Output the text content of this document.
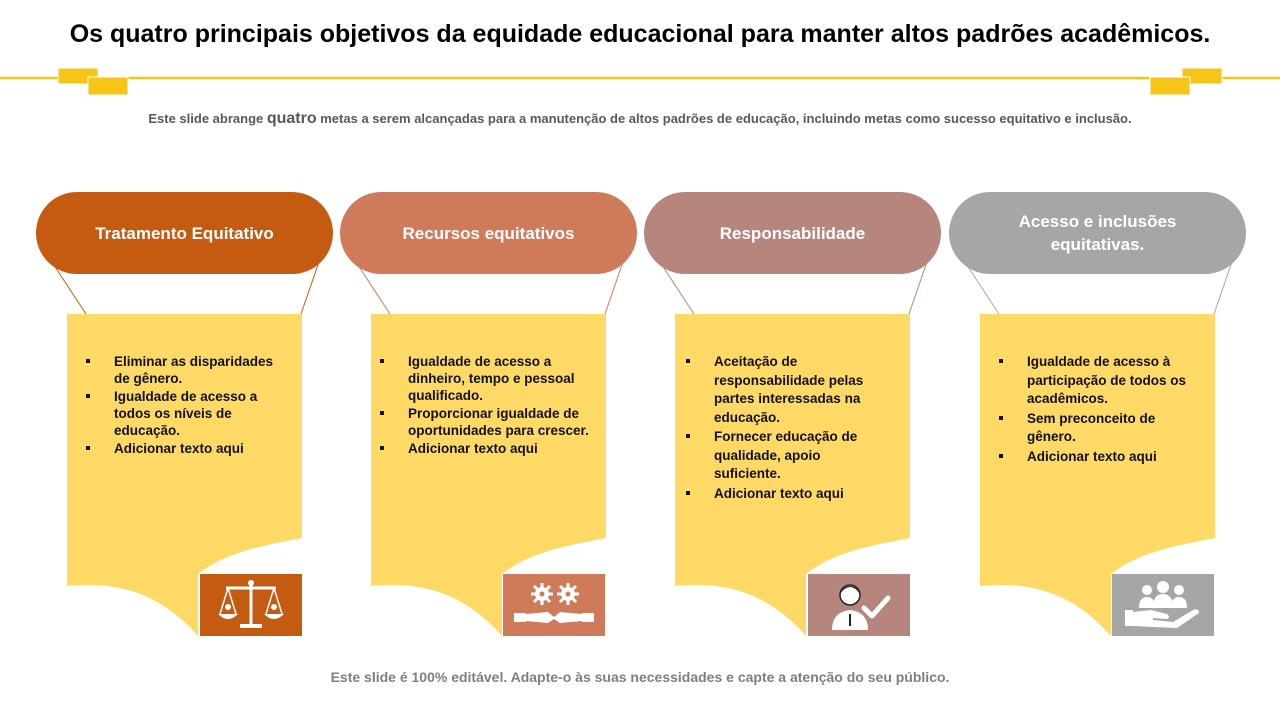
Os quatro principais objetivos da equidade educacional para manter altos padrões acadêmicos.
Este slide abrange quatro metas a serem alcançadas para a manutenção de altos padrões de educação, incluindo metas como sucesso equitativo e inclusão.
Tratamento Equitativo
Eliminar as disparidades de gênero.
Igualdade de acesso a todos os níveis de educação.
Adicionar texto aqui
Recursos equitativos
Igualdade de acesso a dinheiro, tempo e pessoal qualificado.
Proporcionar igualdade de oportunidades para crescer.
Adicionar texto aqui
Responsabilidade
Aceitação de responsabilidade pelas partes interessadas na educação.
Fornecer educação de qualidade, apoio suficiente.
Adicionar texto aqui
Acesso e inclusões equitativas.
Igualdade de acesso à participação de todos os acadêmicos.
Sem preconceito de gênero.
Adicionar texto aqui
Este slide é 100% editável. Adapte-o às suas necessidades e capte a atenção do seu público.
